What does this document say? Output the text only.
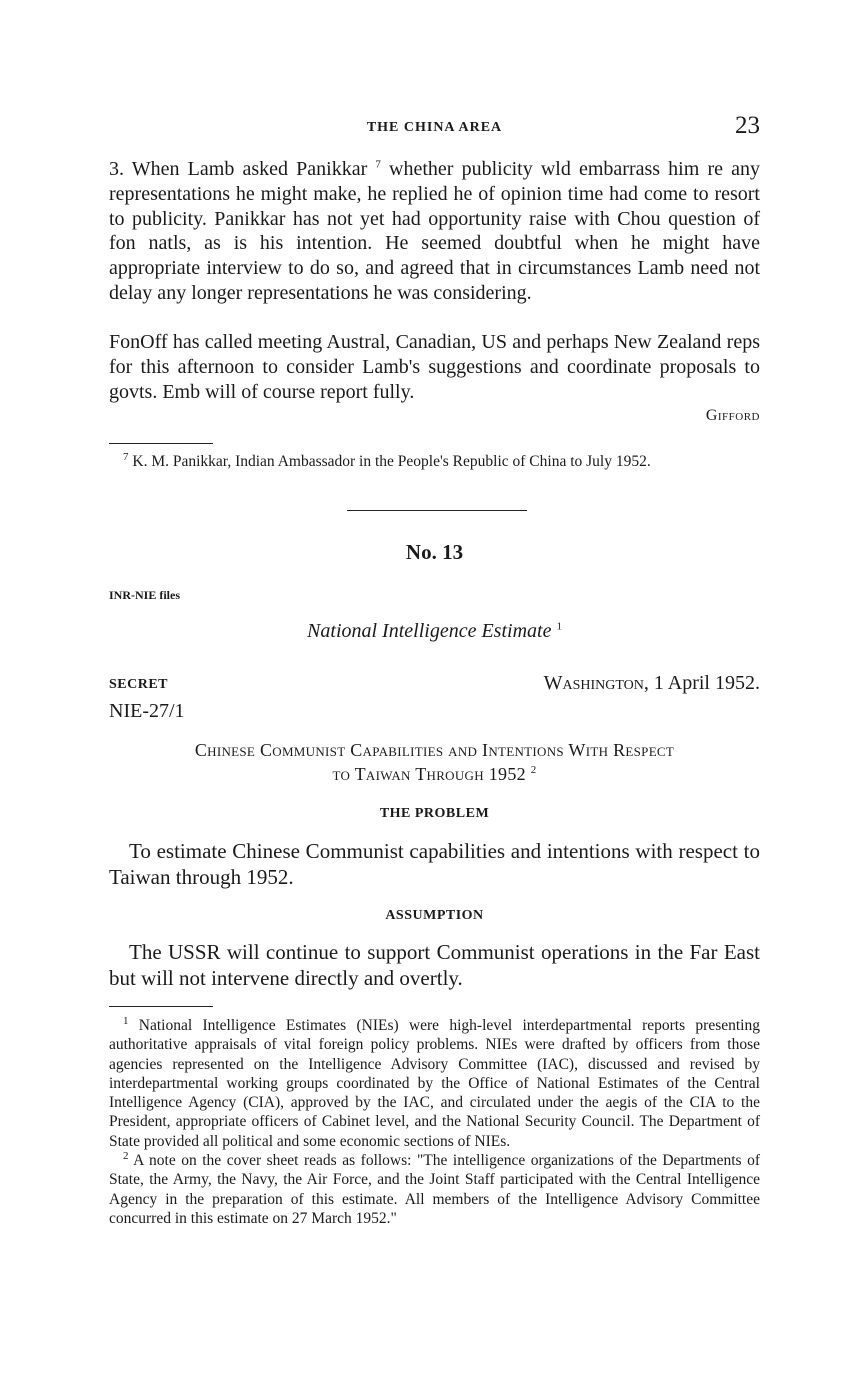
THE CHINA AREA	23

3. When Lamb asked Panikkar $^7$ whether publicity wld embarrass him re any representations he might make, he replied he of opinion time had come to resort to publicity. Panikkar has not yet had opportunity raise with Chou question of fon natls, as is his intention. He seemed doubtful when he might have appropriate interview to do so, and agreed that in circumstances Lamb need not delay any longer representations he was considering.

FonOff has called meeting Austral, Canadian, US and perhaps New Zealand reps for this afternoon to consider Lamb's suggestions and coordinate proposals to govts. Emb will of course report fully.

Gifford

$^7$ K. M. Panikkar, Indian Ambassador in the People's Republic of China to July 1952.

No. 13
INR-NIE files
National Intelligence Estimate $^1$
SECRET
NIE-27/1
Washington, 1 April 1952.
Chinese Communist Capabilities and Intentions With Respect
to Taiwan Through 1952 $^2$
THE PROBLEM

To estimate Chinese Communist capabilities and intentions with respect to Taiwan through 1952.

ASSUMPTION

The USSR will continue to support Communist operations in the Far East but will not intervene directly and overtly.

$^1$ National Intelligence Estimates (NIEs) were high-level interdepartmental reports presenting authoritative appraisals of vital foreign policy problems. NIEs were drafted by officers from those agencies represented on the Intelligence Advisory Committee (IAC), discussed and revised by interdepartmental working groups coordinated by the Office of National Estimates of the Central Intelligence Agency (CIA), approved by the IAC, and circulated under the aegis of the CIA to the President, appropriate officers of Cabinet level, and the National Security Council. The Department of State provided all political and some economic sections of NIEs.

$^2$ A note on the cover sheet reads as follows: "The intelligence organizations of the Departments of State, the Army, the Navy, the Air Force, and the Joint Staff participated with the Central Intelligence Agency in the preparation of this estimate. All members of the Intelligence Advisory Committee concurred in this estimate on 27 March 1952."
